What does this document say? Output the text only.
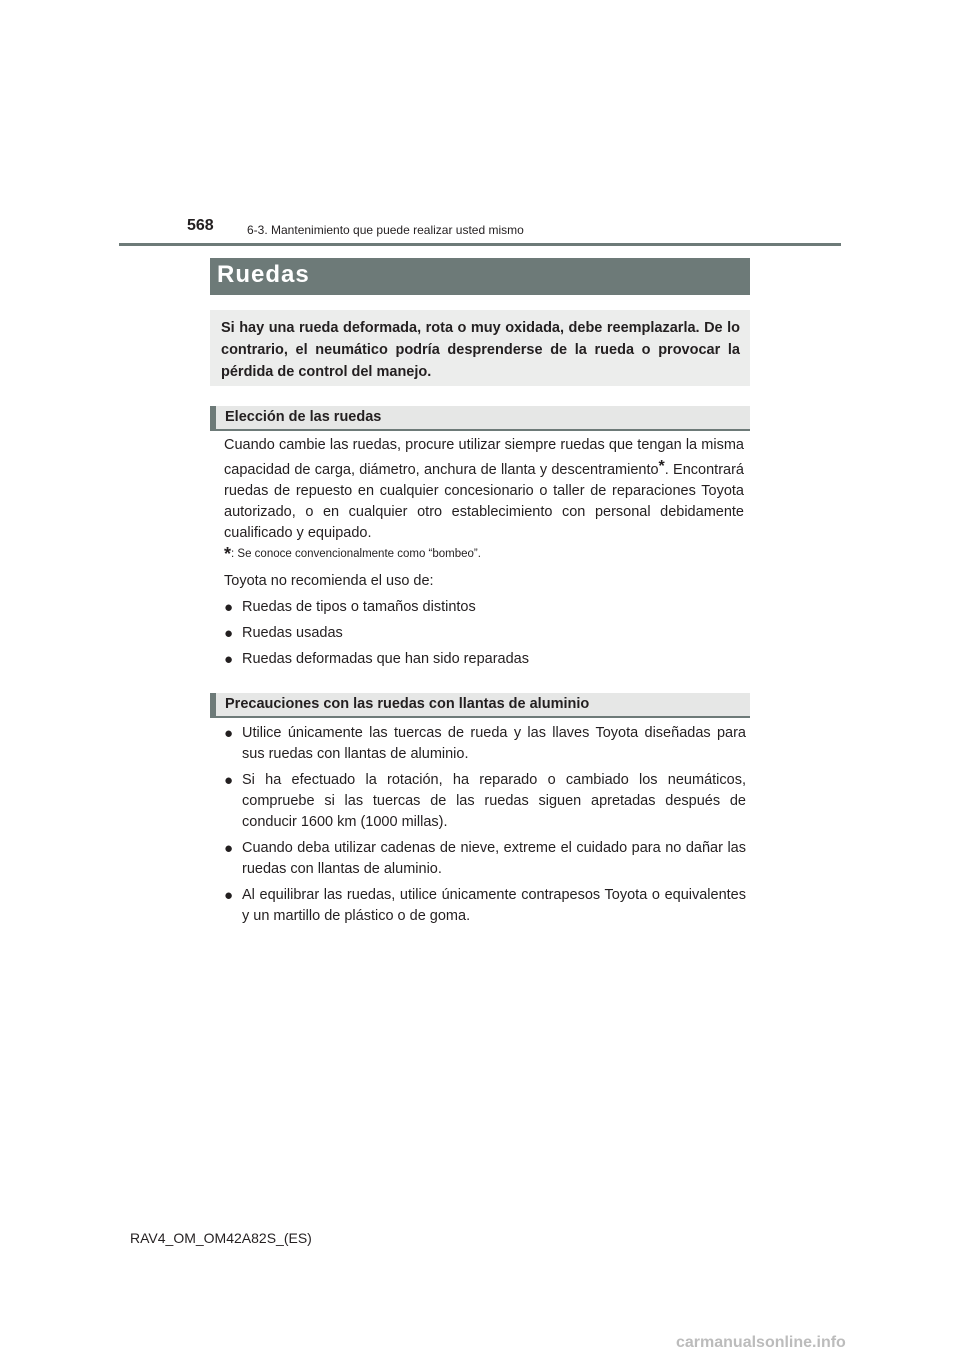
568	6-3. Mantenimiento que puede realizar usted mismo
Ruedas
Si hay una rueda deformada, rota o muy oxidada, debe reemplazarla. De lo contrario, el neumático podría desprenderse de la rueda o provocar la pérdida de control del manejo.
Elección de las ruedas
Cuando cambie las ruedas, procure utilizar siempre ruedas que tengan la misma capacidad de carga, diámetro, anchura de llanta y descentramiento*. Encontrará ruedas de repuesto en cualquier concesionario o taller de reparaciones Toyota autorizado, o en cualquier otro establecimiento con personal debidamente cualificado y equipado.
*: Se conoce convencionalmente como “bombeo”.
Toyota no recomienda el uso de:
● Ruedas de tipos o tamaños distintos
● Ruedas usadas
● Ruedas deformadas que han sido reparadas
Precauciones con las ruedas con llantas de aluminio
● Utilice únicamente las tuercas de rueda y las llaves Toyota diseñadas para sus ruedas con llantas de aluminio.
● Si ha efectuado la rotación, ha reparado o cambiado los neumáticos, compruebe si las tuercas de las ruedas siguen apretadas después de conducir 1600 km (1000 millas).
● Cuando deba utilizar cadenas de nieve, extreme el cuidado para no dañar las ruedas con llantas de aluminio.
● Al equilibrar las ruedas, utilice únicamente contrapesos Toyota o equivalentes y un martillo de plástico o de goma.
RAV4_OM_OM42A82S_(ES)
carmanualsonline.info
